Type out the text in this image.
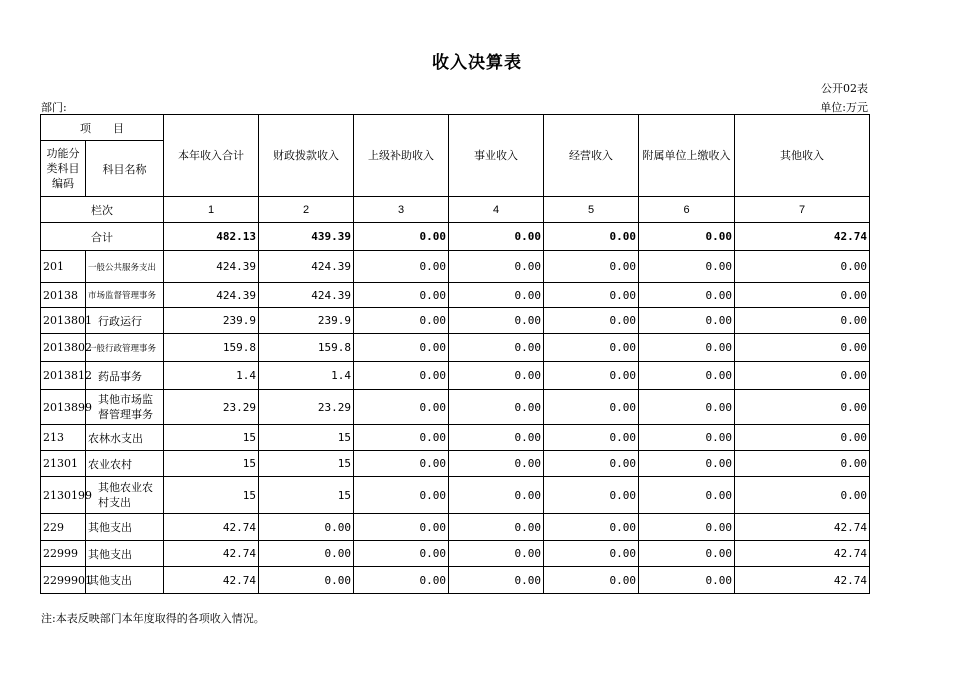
收入决算表
公开02表
部门:	单位:万元
项　　目		本年收入合计	财政拨款收入	上级补助收入	事业收入	经营收入	附属单位上缴收入	其他收入
功能分类科目编码	科目名称							
栏次		1	2	3	4	5	6	7
合计		482.13	439.39	0.00	0.00	0.00	0.00	42.74
201	一般公共服务支出	424.39	424.39	0.00	0.00	0.00	0.00	0.00
20138	市场监督管理事务	424.39	424.39	0.00	0.00	0.00	0.00	0.00
2013801	行政运行	239.9	239.9	0.00	0.00	0.00	0.00	0.00
2013802	一般行政管理事务	159.8	159.8	0.00	0.00	0.00	0.00	0.00
2013812	药品事务	1.4	1.4	0.00	0.00	0.00	0.00	0.00
2013899	其他市场监督管理事务	23.29	23.29	0.00	0.00	0.00	0.00	0.00
213	农林水支出	15	15	0.00	0.00	0.00	0.00	0.00
21301	农业农村	15	15	0.00	0.00	0.00	0.00	0.00
2130199	其他农业农村支出	15	15	0.00	0.00	0.00	0.00	0.00
229	其他支出	42.74	0.00	0.00	0.00	0.00	0.00	42.74
22999	其他支出	42.74	0.00	0.00	0.00	0.00	0.00	42.74
2299901	其他支出	42.74	0.00	0.00	0.00	0.00	0.00	42.74
注:本表反映部门本年度取得的各项收入情况。
